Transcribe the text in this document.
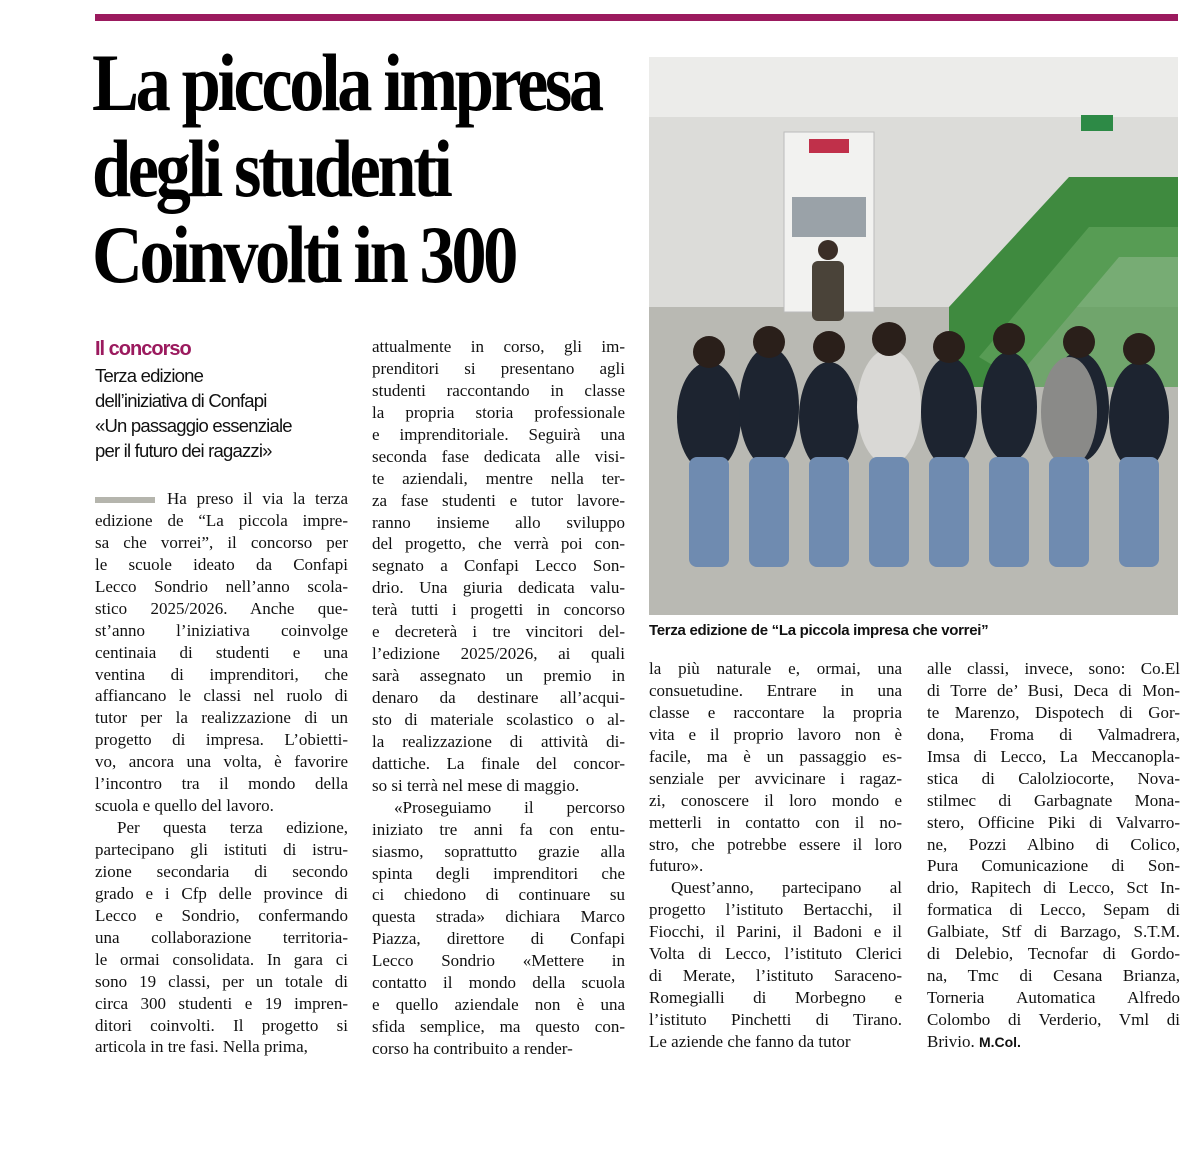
La piccola impresa
degli studenti
Coinvolti in 300
Il concorso
Terza edizione
dell’iniziativa di Confapi
«Un passaggio essenziale
per il futuro dei ragazzi»
Ha preso il via la terza
edizione de “La piccola impre-
sa che vorrei”, il concorso per
le scuole ideato da Confapi
Lecco Sondrio nell’anno scola-
stico 2025/2026. Anche que-
st’anno l’iniziativa coinvolge
centinaia di studenti e una
ventina di imprenditori, che
affiancano le classi nel ruolo di
tutor per la realizzazione di un
progetto di impresa. L’obietti-
vo, ancora una volta, è favorire
l’incontro tra il mondo della
scuola e quello del lavoro.
Per questa terza edizione,
partecipano gli istituti di istru-
zione secondaria di secondo
grado e i Cfp delle province di
Lecco e Sondrio, confermando
una collaborazione territoria-
le ormai consolidata. In gara ci
sono 19 classi, per un totale di
circa 300 studenti e 19 impren-
ditori coinvolti. Il progetto si
articola in tre fasi. Nella prima,
attualmente in corso, gli im-
prenditori si presentano agli
studenti raccontando in classe
la propria storia professionale
e imprenditoriale. Seguirà una
seconda fase dedicata alle visi-
te aziendali, mentre nella ter-
za fase studenti e tutor lavore-
ranno insieme allo sviluppo
del progetto, che verrà poi con-
segnato a Confapi Lecco Son-
drio. Una giuria dedicata valu-
terà tutti i progetti in concorso
e decreterà i tre vincitori del-
l’edizione 2025/2026, ai quali
sarà assegnato un premio in
denaro da destinare all’acqui-
sto di materiale scolastico o al-
la realizzazione di attività di-
dattiche. La finale del concor-
so si terrà nel mese di maggio.
«Proseguiamo il percorso
iniziato tre anni fa con entu-
siasmo, soprattutto grazie alla
spinta degli imprenditori che
ci chiedono di continuare su
questa strada» dichiara Marco
Piazza, direttore di Confapi
Lecco Sondrio «Mettere in
contatto il mondo della scuola
e quello aziendale non è una
sfida semplice, ma questo con-
corso ha contribuito a render-
la più naturale e, ormai, una
consuetudine. Entrare in una
classe e raccontare la propria
vita e il proprio lavoro non è
facile, ma è un passaggio es-
senziale per avvicinare i ragaz-
zi, conoscere il loro mondo e
metterli in contatto con il no-
stro, che potrebbe essere il loro
futuro».
Quest’anno, partecipano al
progetto l’istituto Bertacchi, il
Fiocchi, il Parini, il Badoni e il
Volta di Lecco, l’istituto Clerici
di Merate, l’istituto Saraceno-
Romegialli di Morbegno e
l’istituto Pinchetti di Tirano.
Le aziende che fanno da tutor
alle classi, invece, sono: Co.El
di Torre de’ Busi, Deca di Mon-
te Marenzo, Dispotech di Gor-
dona, Froma di Valmadrera,
Imsa di Lecco, La Meccanopla-
stica di Calolziocorte, Nova-
stilmec di Garbagnate Mona-
stero, Officine Piki di Valvarro-
ne, Pozzi Albino di Colico,
Pura Comunicazione di Son-
drio, Rapitech di Lecco, Sct In-
formatica di Lecco, Sepam di
Galbiate, Stf di Barzago, S.T.M.
di Delebio, Tecnofar di Gordo-
na, Tmc di Cesana Brianza,
Torneria Automatica Alfredo
Colombo di Verderio, Vml di
Brivio. M.Col.
Terza edizione de “La piccola impresa che vorrei”
